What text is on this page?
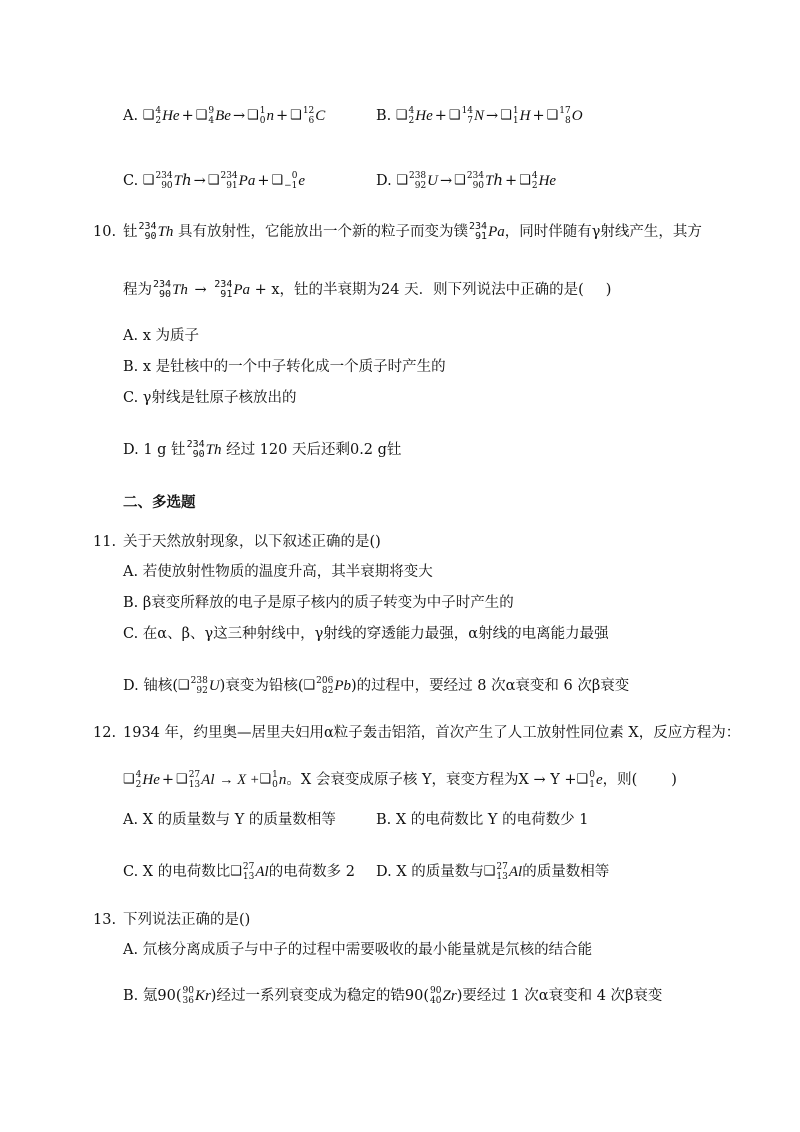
A. ❑ 4
2 He + ❑ 9
4 Be → ❑ 1
0 n + ❑ 12
6 C	B. ❑ 4
2 He + ❑ 14
7 N → ❑ 1
1 H + ❑ 17
8 O
C. ❑ 234
90 Tℎ → ❑ 234
91 Pa + ❑ 0
−1 e	D. ❑ 238
92 U → ❑ 234
90 Tℎ + ❑ 4
2 He
10. 钍 234
90 Th 具有放射性，它能放出一个新的粒子而变为镤 234
91 Pa ，同时伴随有γ射线产生，其方
程为 234
90 Th → 234
91 Pa + x，钍的半衰期为24 天．则下列说法中正确的是( )
A. x 为质子
B. x 是钍核中的一个中子转化成一个质子时产生的
C. γ射线是钍原子核放出的
D. 1 g 钍 234
90 Th 经过 120 天后还剩0.2 g钍
二、多选题
11. 关于天然放射现象，以下叙述正确的是()
A. 若使放射性物质的温度升高，其半衰期将变大
B. β衰变所释放的电子是原子核内的质子转变为中子时产生的
C. 在α、β、γ这三种射线中，γ射线的穿透能力最强，α射线的电离能力最强
D. 铀核( ❑ 238
92 U )衰变为铅核( ❑ 206
82 Pb )的过程中，要经过 8 次α衰变和 6 次β衰变
12. 1934 年，约里奥—居里夫妇用α粒子轰击铝箔，首次产生了人工放射性同位素 X，反应方程为：
❑ 4
2 He + ❑ 27
13 Al → X + ❑ 1
0 n 。X 会衰变成原子核 Y，衰变方程为X → Y + ❑ 0
1 e ，则( )
A. X 的质量数与 Y 的质量数相等	B. X 的电荷数比 Y 的电荷数少 1
C. X 的电荷数比 ❑ 27
13 Al 的电荷数多 2 D. X 的质量数与 ❑ 27
13 Al 的质量数相等
13. 下列说法正确的是()
A. 氘核分离成质子与中子的过程中需要吸收的最小能量就是氘核的结合能
B. 氪90( 90
36 Kr )经过一系列衰变成为稳定的锆90( 90
40 Zr )要经过 1 次α衰变和 4 次β衰变
